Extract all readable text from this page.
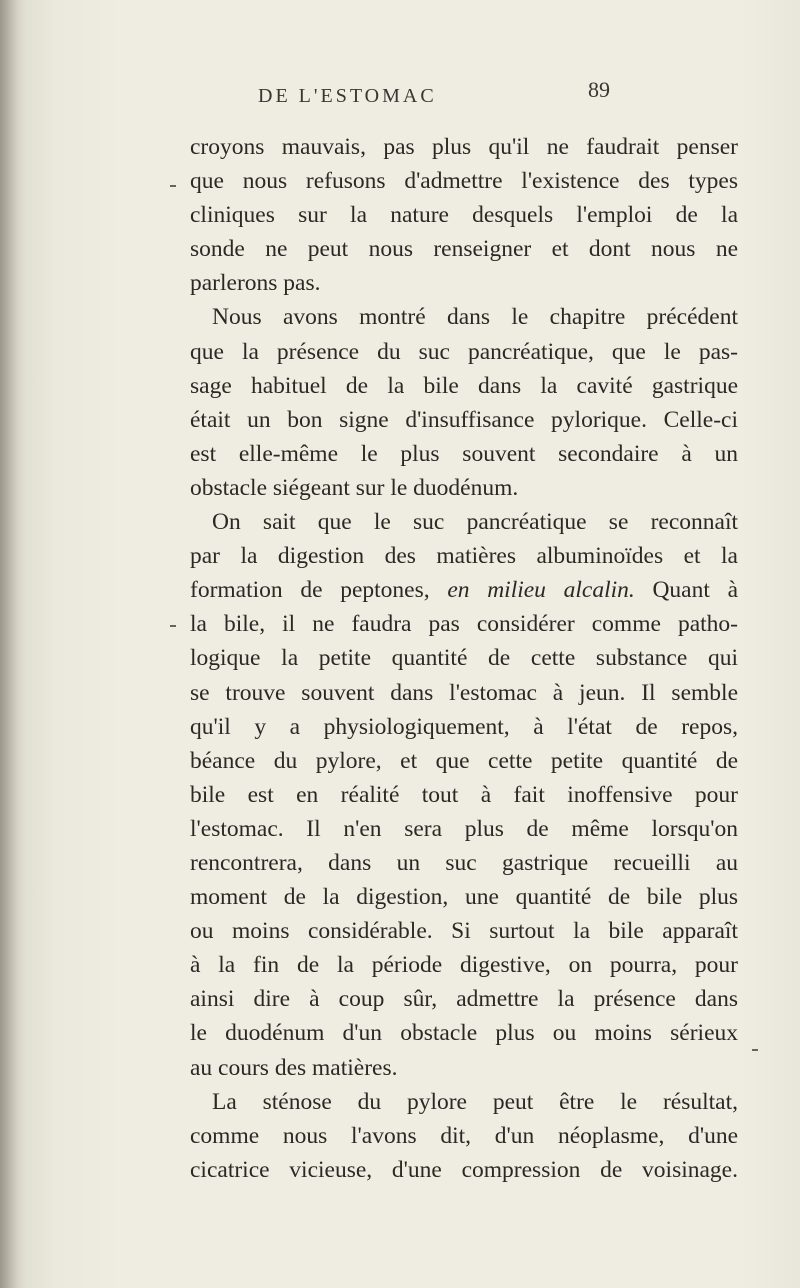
DE L'ESTOMAC	89
croyons mauvais, pas plus qu'il ne faudrait penser
que nous refusons d'admettre l'existence des types
cliniques sur la nature desquels l'emploi de la
sonde ne peut nous renseigner et dont nous ne
parlerons pas.
Nous avons montré dans le chapitre précédent
que la présence du suc pancréatique, que le pas-
sage habituel de la bile dans la cavité gastrique
était un bon signe d'insuffisance pylorique. Celle-ci
est elle-même le plus souvent secondaire à un
obstacle siégeant sur le duodénum.
On sait que le suc pancréatique se reconnaît
par la digestion des matières albuminoïdes et la
formation de peptones, en milieu alcalin. Quant à
la bile, il ne faudra pas considérer comme patho-
logique la petite quantité de cette substance qui
se trouve souvent dans l'estomac à jeun. Il semble
qu'il y a physiologiquement, à l'état de repos,
béance du pylore, et que cette petite quantité de
bile est en réalité tout à fait inoffensive pour
l'estomac. Il n'en sera plus de même lorsqu'on
rencontrera, dans un suc gastrique recueilli au
moment de la digestion, une quantité de bile plus
ou moins considérable. Si surtout la bile apparaît
à la fin de la période digestive, on pourra, pour
ainsi dire à coup sûr, admettre la présence dans
le duodénum d'un obstacle plus ou moins sérieux
au cours des matières.
La sténose du pylore peut être le résultat,
comme nous l'avons dit, d'un néoplasme, d'une
cicatrice vicieuse, d'une compression de voisinage.
